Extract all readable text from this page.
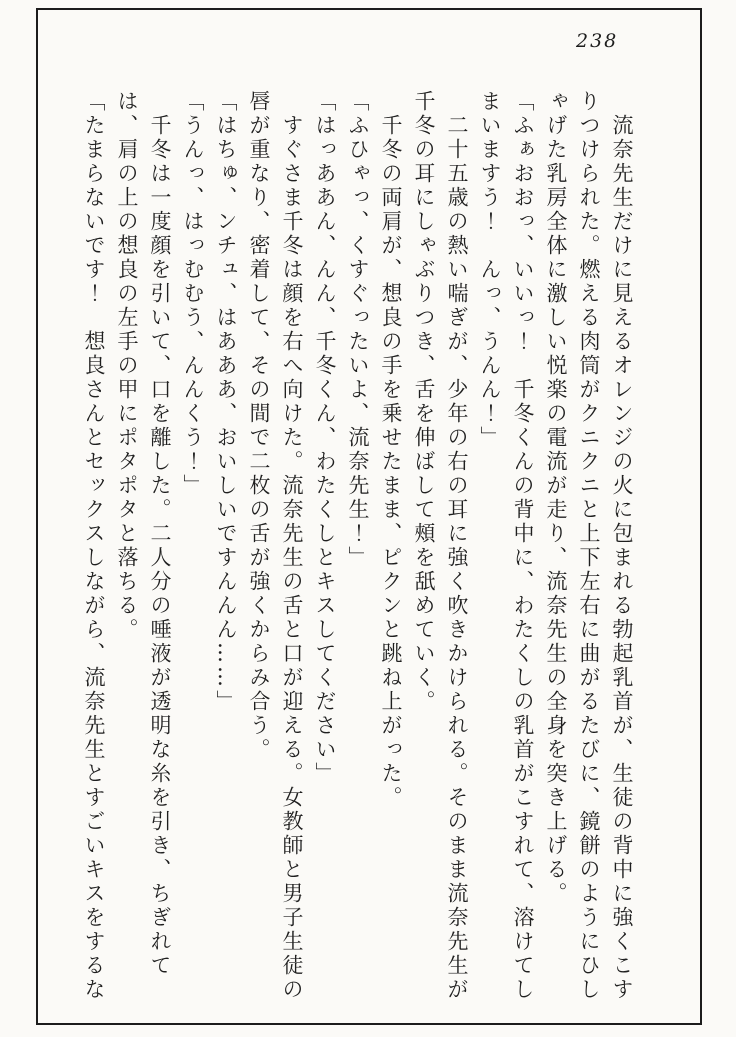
238

流奈先生だけに見えるオレンジの火に包まれる勃起乳首が、生徒の背中に強くこすりつけられた。燃える肉筒がクニクニと上下左右に曲がるたびに、鏡餅のようにひしゃげた乳房全体に激しい悦楽の電流が走り、流奈先生の全身を突き上げる。

「ふぁおおっ、いいっ！　千冬くんの背中に、わたくしの乳首がこすれて、溶けてしまいますう！　んっ、うんん！」

二十五歳の熱い喘ぎが、少年の右の耳に強く吹きかけられる。そのまま流奈先生が千冬の耳にしゃぶりつき、舌を伸ばして頰を舐めていく。

千冬の両肩が、想良の手を乗せたまま、ピクンと跳ね上がった。

「ふひゃっ、くすぐったいよ、流奈先生！」

「はっああん、んん、千冬くん、わたくしとキスしてください」

すぐさま千冬は顔を右へ向けた。流奈先生の舌と口が迎える。女教師と男子生徒の唇が重なり、密着して、その間で二枚の舌が強くからみ合う。

「はちゅ、ンチュ、はあああ、おいしいですんんん……」

「うんっ、はっむむう、んんくう！」

千冬は一度顔を引いて、口を離した。二人分の唾液が透明な糸を引き、ちぎれては、肩の上の想良の左手の甲にポタポタと落ちる。

「たまらないです！　想良さんとセックスしながら、流奈先生とすごいキスをするな
